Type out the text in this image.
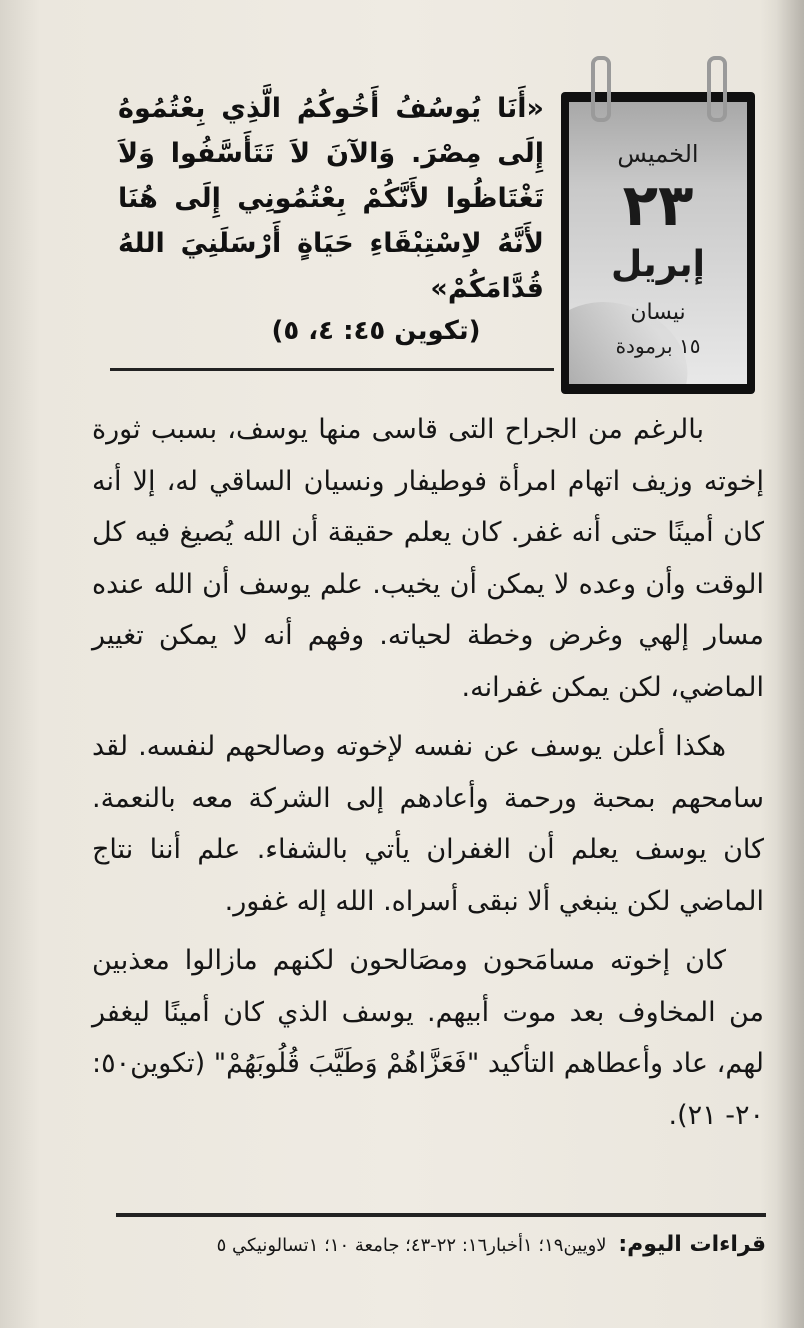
الخميس
٢٣
إبريل
نيسان
١٥ برمودة
«أَنَا يُوسُفُ أَخُوكُمُ الَّذِي بِعْتُمُوهُ إِلَى مِصْرَ. وَالآنَ لاَ تَتَأَسَّفُوا وَلاَ تَغْتَاظُوا لأَنَّكُمْ بِعْتُمُونِي إِلَى هُنَا لأَنَّهُ لاِسْتِبْقَاءِ حَيَاةٍ أَرْسَلَنِيَ اللهُ قُدَّامَكُمْ»
(تكوين ٤٥: ٤، ٥)

بالرغم من الجراح التى قاسى منها يوسف، بسبب ثورة إخوته وزيف اتهام امرأة فوطيفار ونسيان الساقي له، إلا أنه كان أمينًا حتى أنه غفر. كان يعلم حقيقة أن الله يُصيغ فيه كل الوقت وأن وعده لا يمكن أن يخيب. علم يوسف أن الله عنده مسار إلهي وغرض وخطة لحياته. وفهم أنه لا يمكن تغيير الماضي، لكن يمكن غفرانه.

هكذا أعلن يوسف عن نفسه لإخوته وصالحهم لنفسه. لقد سامحهم بمحبة ورحمة وأعادهم إلى الشركة معه بالنعمة. كان يوسف يعلم أن الغفران يأتي بالشفاء. علم أننا نتاج الماضي لكن ينبغي ألا نبقى أسراه. الله إله غفور.

كان إخوته مسامَحون ومصَالحون لكنهم مازالوا معذبين من المخاوف بعد موت أبيهم. يوسف الذي كان أمينًا ليغفر لهم، عاد وأعطاهم التأكيد "فَعَزَّاهُمْ وَطَيَّبَ قُلُوبَهُمْ" (تكوين٥٠: ٢٠- ٢١).

قراءات اليوم: لاويين١٩؛ ١أخبار١٦: ٢٢-٤٣؛ جامعة ١٠؛ ١تسالونيكي ٥
